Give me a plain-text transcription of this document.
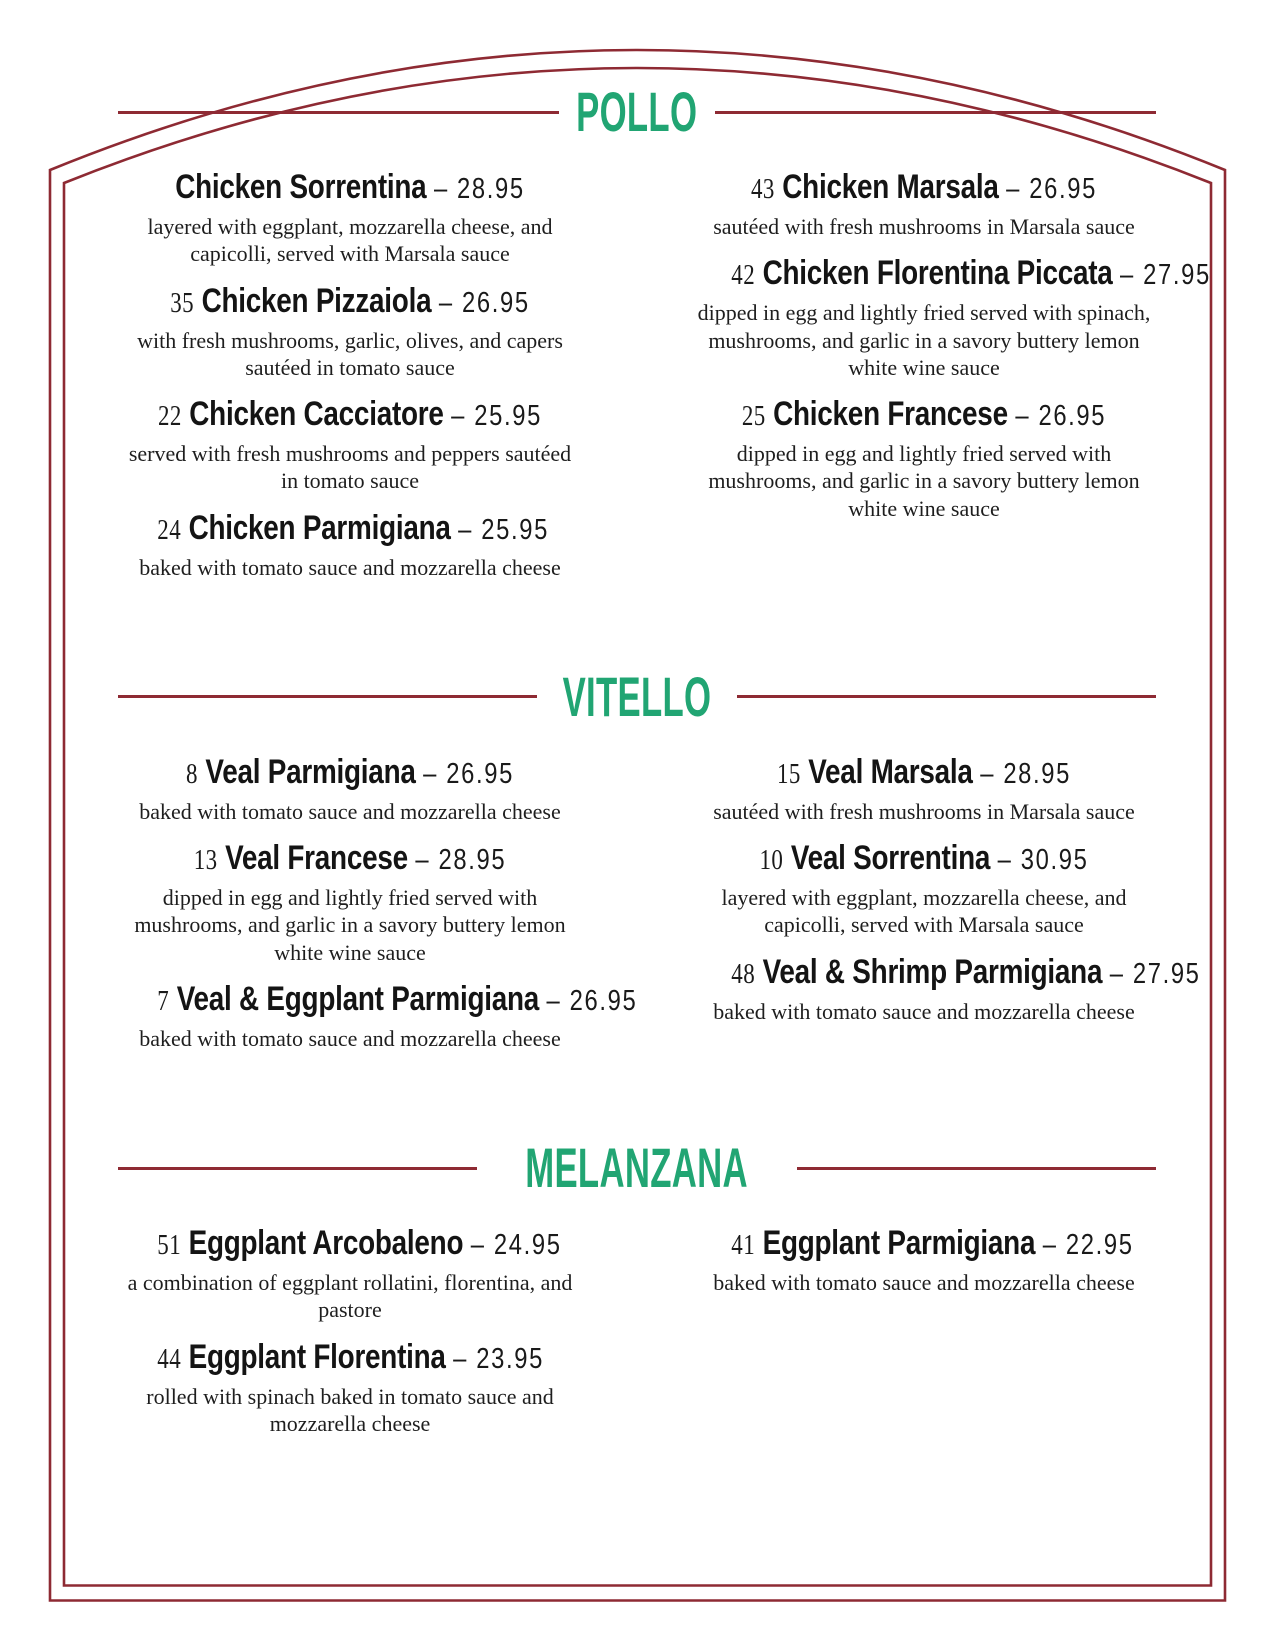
POLLO
Chicken Sorrentina – 28.95

layered with eggplant, mozzarella cheese, and capicolli, served with Marsala sauce

35 Chicken Pizzaiola – 26.95

with fresh mushrooms, garlic, olives, and capers sautéed in tomato sauce

22 Chicken Cacciatore – 25.95

served with fresh mushrooms and peppers sautéed in tomato sauce

24 Chicken Parmigiana – 25.95

baked with tomato sauce and mozzarella cheese

43 Chicken Marsala – 26.95

sautéed with fresh mushrooms in Marsala sauce

42 Chicken Florentina Piccata – 27.95

dipped in egg and lightly fried served with spinach, mushrooms, and garlic in a savory buttery lemon white wine sauce

25 Chicken Francese – 26.95

dipped in egg and lightly fried served with mushrooms, and garlic in a savory buttery lemon white wine sauce

VITELLO
8 Veal Parmigiana – 26.95

baked with tomato sauce and mozzarella cheese

13 Veal Francese – 28.95

dipped in egg and lightly fried served with mushrooms, and garlic in a savory buttery lemon white wine sauce

7 Veal & Eggplant Parmigiana – 26.95

baked with tomato sauce and mozzarella cheese

15 Veal Marsala – 28.95

sautéed with fresh mushrooms in Marsala sauce

10 Veal Sorrentina – 30.95

layered with eggplant, mozzarella cheese, and capicolli, served with Marsala sauce

48 Veal & Shrimp Parmigiana – 27.95

baked with tomato sauce and mozzarella cheese

MELANZANA
51 Eggplant Arcobaleno – 24.95

a combination of eggplant rollatini, florentina, and pastore

44 Eggplant Florentina – 23.95

rolled with spinach baked in tomato sauce and mozzarella cheese

41 Eggplant Parmigiana – 22.95

baked with tomato sauce and mozzarella cheese
